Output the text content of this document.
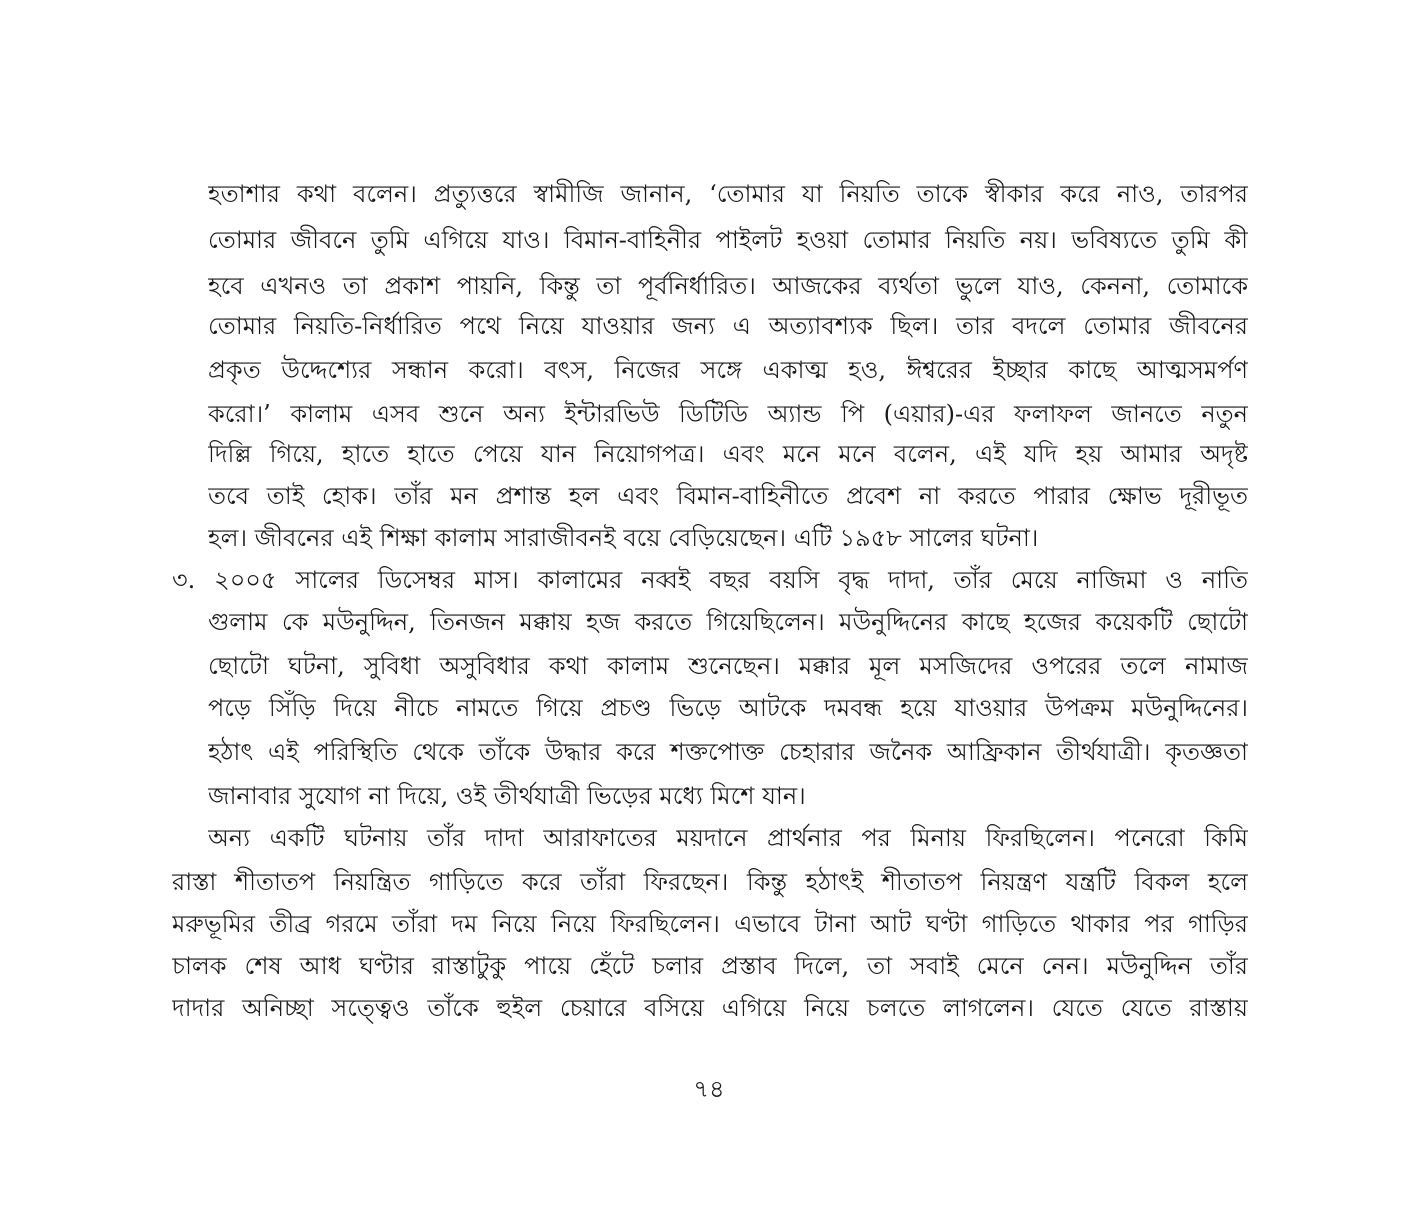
হতাশার কথা বলেন। প্রত্যুত্তরে স্বামীজি জানান, ‘তোমার যা নিয়তি তাকে স্বীকার করে নাও, তারপর
তোমার জীবনে তুমি এগিয়ে যাও। বিমান-বাহিনীর পাইলট হওয়া তোমার নিয়তি নয়। ভবিষ্যতে তুমি কী
হবে এখনও তা প্রকাশ পায়নি, কিন্তু তা পূর্বনির্ধারিত। আজকের ব্যর্থতা ভুলে যাও, কেননা, তোমাকে
তোমার নিয়তি-নির্ধারিত পথে নিয়ে যাওয়ার জন্য এ অত্যাবশ্যক ছিল। তার বদলে তোমার জীবনের
প্রকৃত উদ্দেশ্যের সন্ধান করো। বৎস, নিজের সঙ্গে একাত্ম হও, ঈশ্বরের ইচ্ছার কাছে আত্মসমর্পণ
করো।’ কালাম এসব শুনে অন্য ইন্টারভিউ ডিটিডি অ্যান্ড পি (এয়ার)-এর ফলাফল জানতে নতুন
দিল্লি গিয়ে, হাতে হাতে পেয়ে যান নিয়োগপত্র। এবং মনে মনে বলেন, এই যদি হয় আমার অদৃষ্ট
তবে তাই হোক। তাঁর মন প্রশান্ত হল এবং বিমান-বাহিনীতে প্রবেশ না করতে পারার ক্ষোভ দূরীভূত
হল। জীবনের এই শিক্ষা কালাম সারাজীবনই বয়ে বেড়িয়েছেন। এটি ১৯৫৮ সালের ঘটনা।
৩. ২০০৫ সালের ডিসেম্বর মাস। কালামের নব্বই বছর বয়সি বৃদ্ধ দাদা, তাঁর মেয়ে নাজিমা ও নাতি
গুলাম কে মউনুদ্দিন, তিনজন মক্কায় হজ করতে গিয়েছিলেন। মউনুদ্দিনের কাছে হজের কয়েকটি ছোটো
ছোটো ঘটনা, সুবিধা অসুবিধার কথা কালাম শুনেছেন। মক্কার মূল মসজিদের ওপরের তলে নামাজ
পড়ে সিঁড়ি দিয়ে নীচে নামতে গিয়ে প্রচণ্ড ভিড়ে আটকে দমবন্ধ হয়ে যাওয়ার উপক্রম মউনুদ্দিনের।
হঠাৎ এই পরিস্থিতি থেকে তাঁকে উদ্ধার করে শক্তপোক্ত চেহারার জনৈক আফ্রিকান তীর্থযাত্রী। কৃতজ্ঞতা
জানাবার সুযোগ না দিয়ে, ওই তীর্থযাত্রী ভিড়ের মধ্যে মিশে যান।
অন্য একটি ঘটনায় তাঁর দাদা আরাফাতের ময়দানে প্রার্থনার পর মিনায় ফিরছিলেন। পনেরো কিমি
রাস্তা শীতাতপ নিয়ন্ত্রিত গাড়িতে করে তাঁরা ফিরছেন। কিন্তু হঠাৎই শীতাতপ নিয়ন্ত্রণ যন্ত্রটি বিকল হলে
মরুভূমির তীব্র গরমে তাঁরা দম নিয়ে নিয়ে ফিরছিলেন। এভাবে টানা আট ঘণ্টা গাড়িতে থাকার পর গাড়ির
চালক শেষ আধ ঘণ্টার রাস্তাটুকু পায়ে হেঁটে চলার প্রস্তাব দিলে, তা সবাই মেনে নেন। মউনুদ্দিন তাঁর
দাদার অনিচ্ছা সত্ত্বেও তাঁকে হুইল চেয়ারে বসিয়ে এগিয়ে নিয়ে চলতে লাগলেন। যেতে যেতে রাস্তায়
৭৪
